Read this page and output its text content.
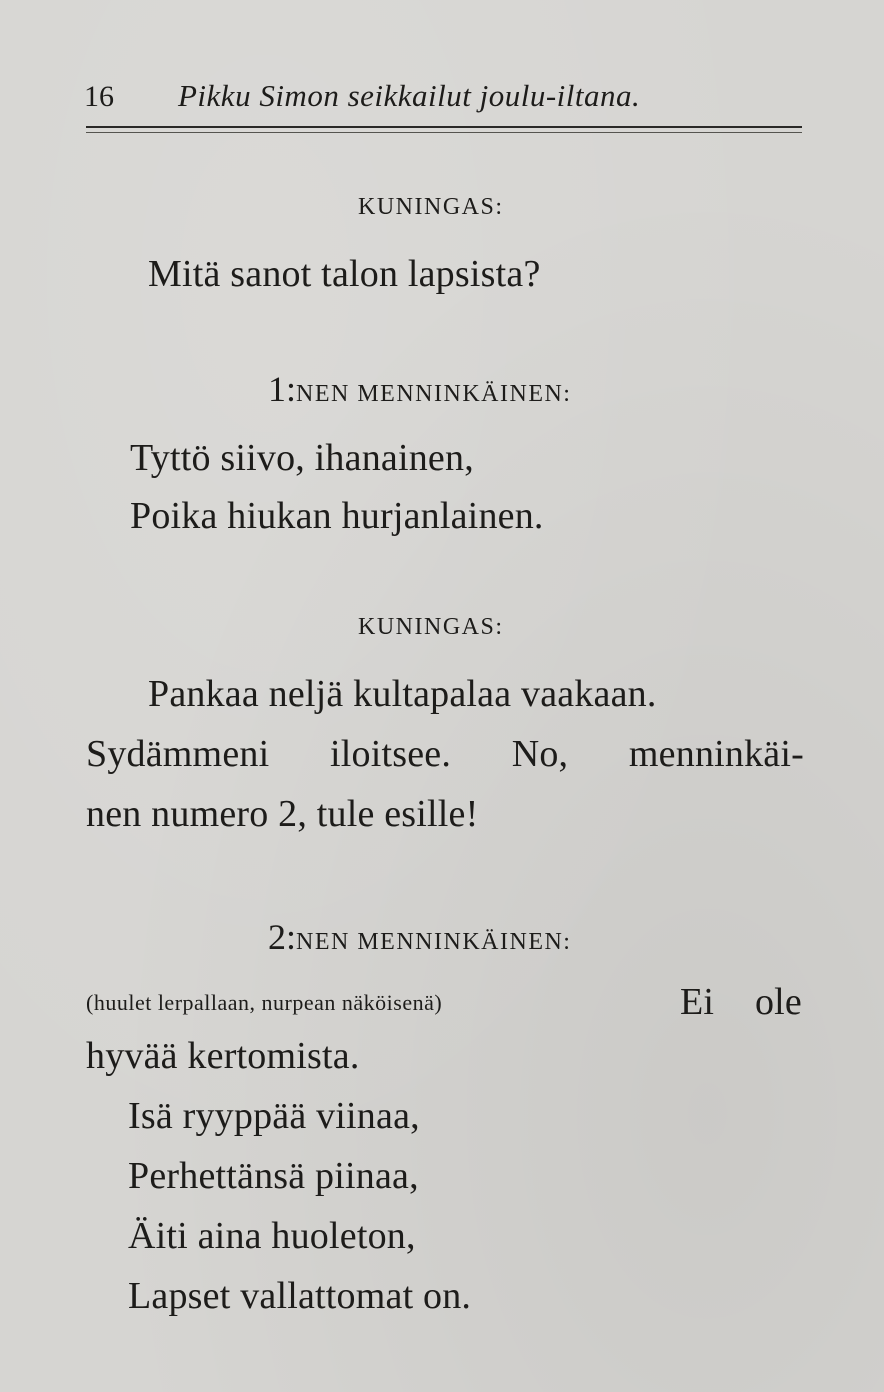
16 Pikku Simon seikkailut joulu-iltana.
KUNINGAS:
Mitä sanot talon lapsista?
1:NEN MENNINKÄINEN:
Tyttö siivo, ihanainen,
Poika hiukan hurjanlainen.
KUNINGAS:
Pankaa neljä kultapalaa vaakaan.
Sydämmeni iloitsee. No, menninkäi-
nen numero 2, tule esille!
2:NEN MENNINKÄINEN:
(huulet lerpallaan, nurpean näköisenä)	Ei ole
hyvää kertomista.
Isä ryyppää viinaa,
Perhettänsä piinaa,
Äiti aina huoleton,
Lapset vallattomat on.
